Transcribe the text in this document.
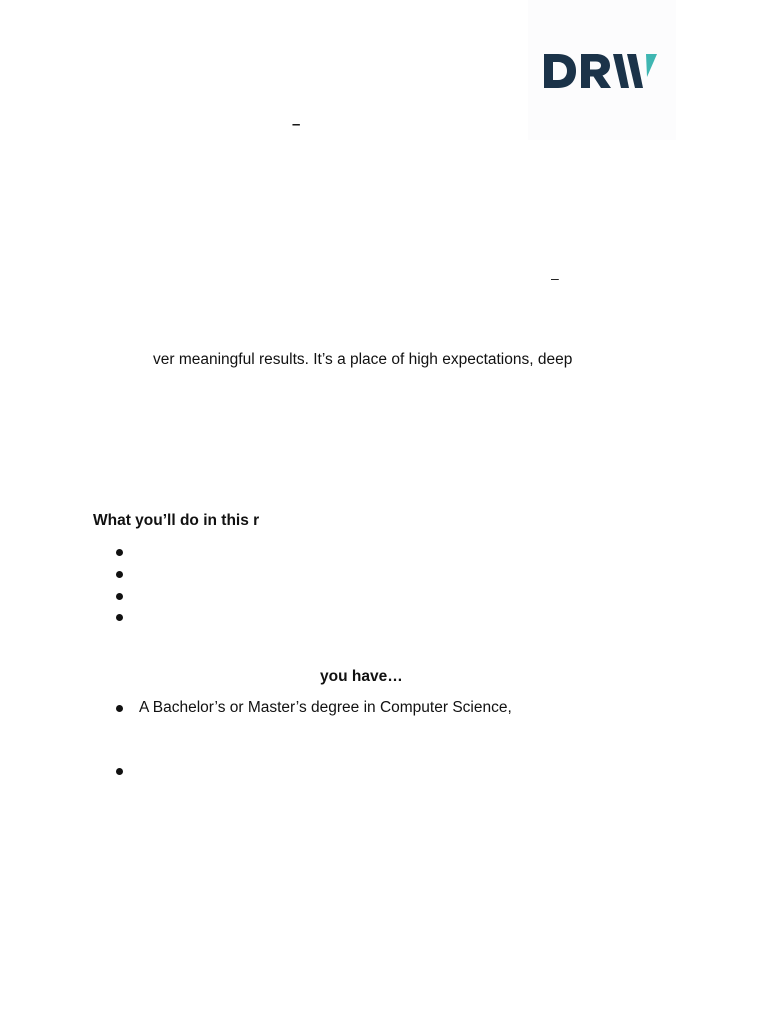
–
–
ver meaningful results. It’s a place of high expectations, deep
What you’ll do in this r
you have…
A Bachelor’s or Master’s degree in Computer Science,
